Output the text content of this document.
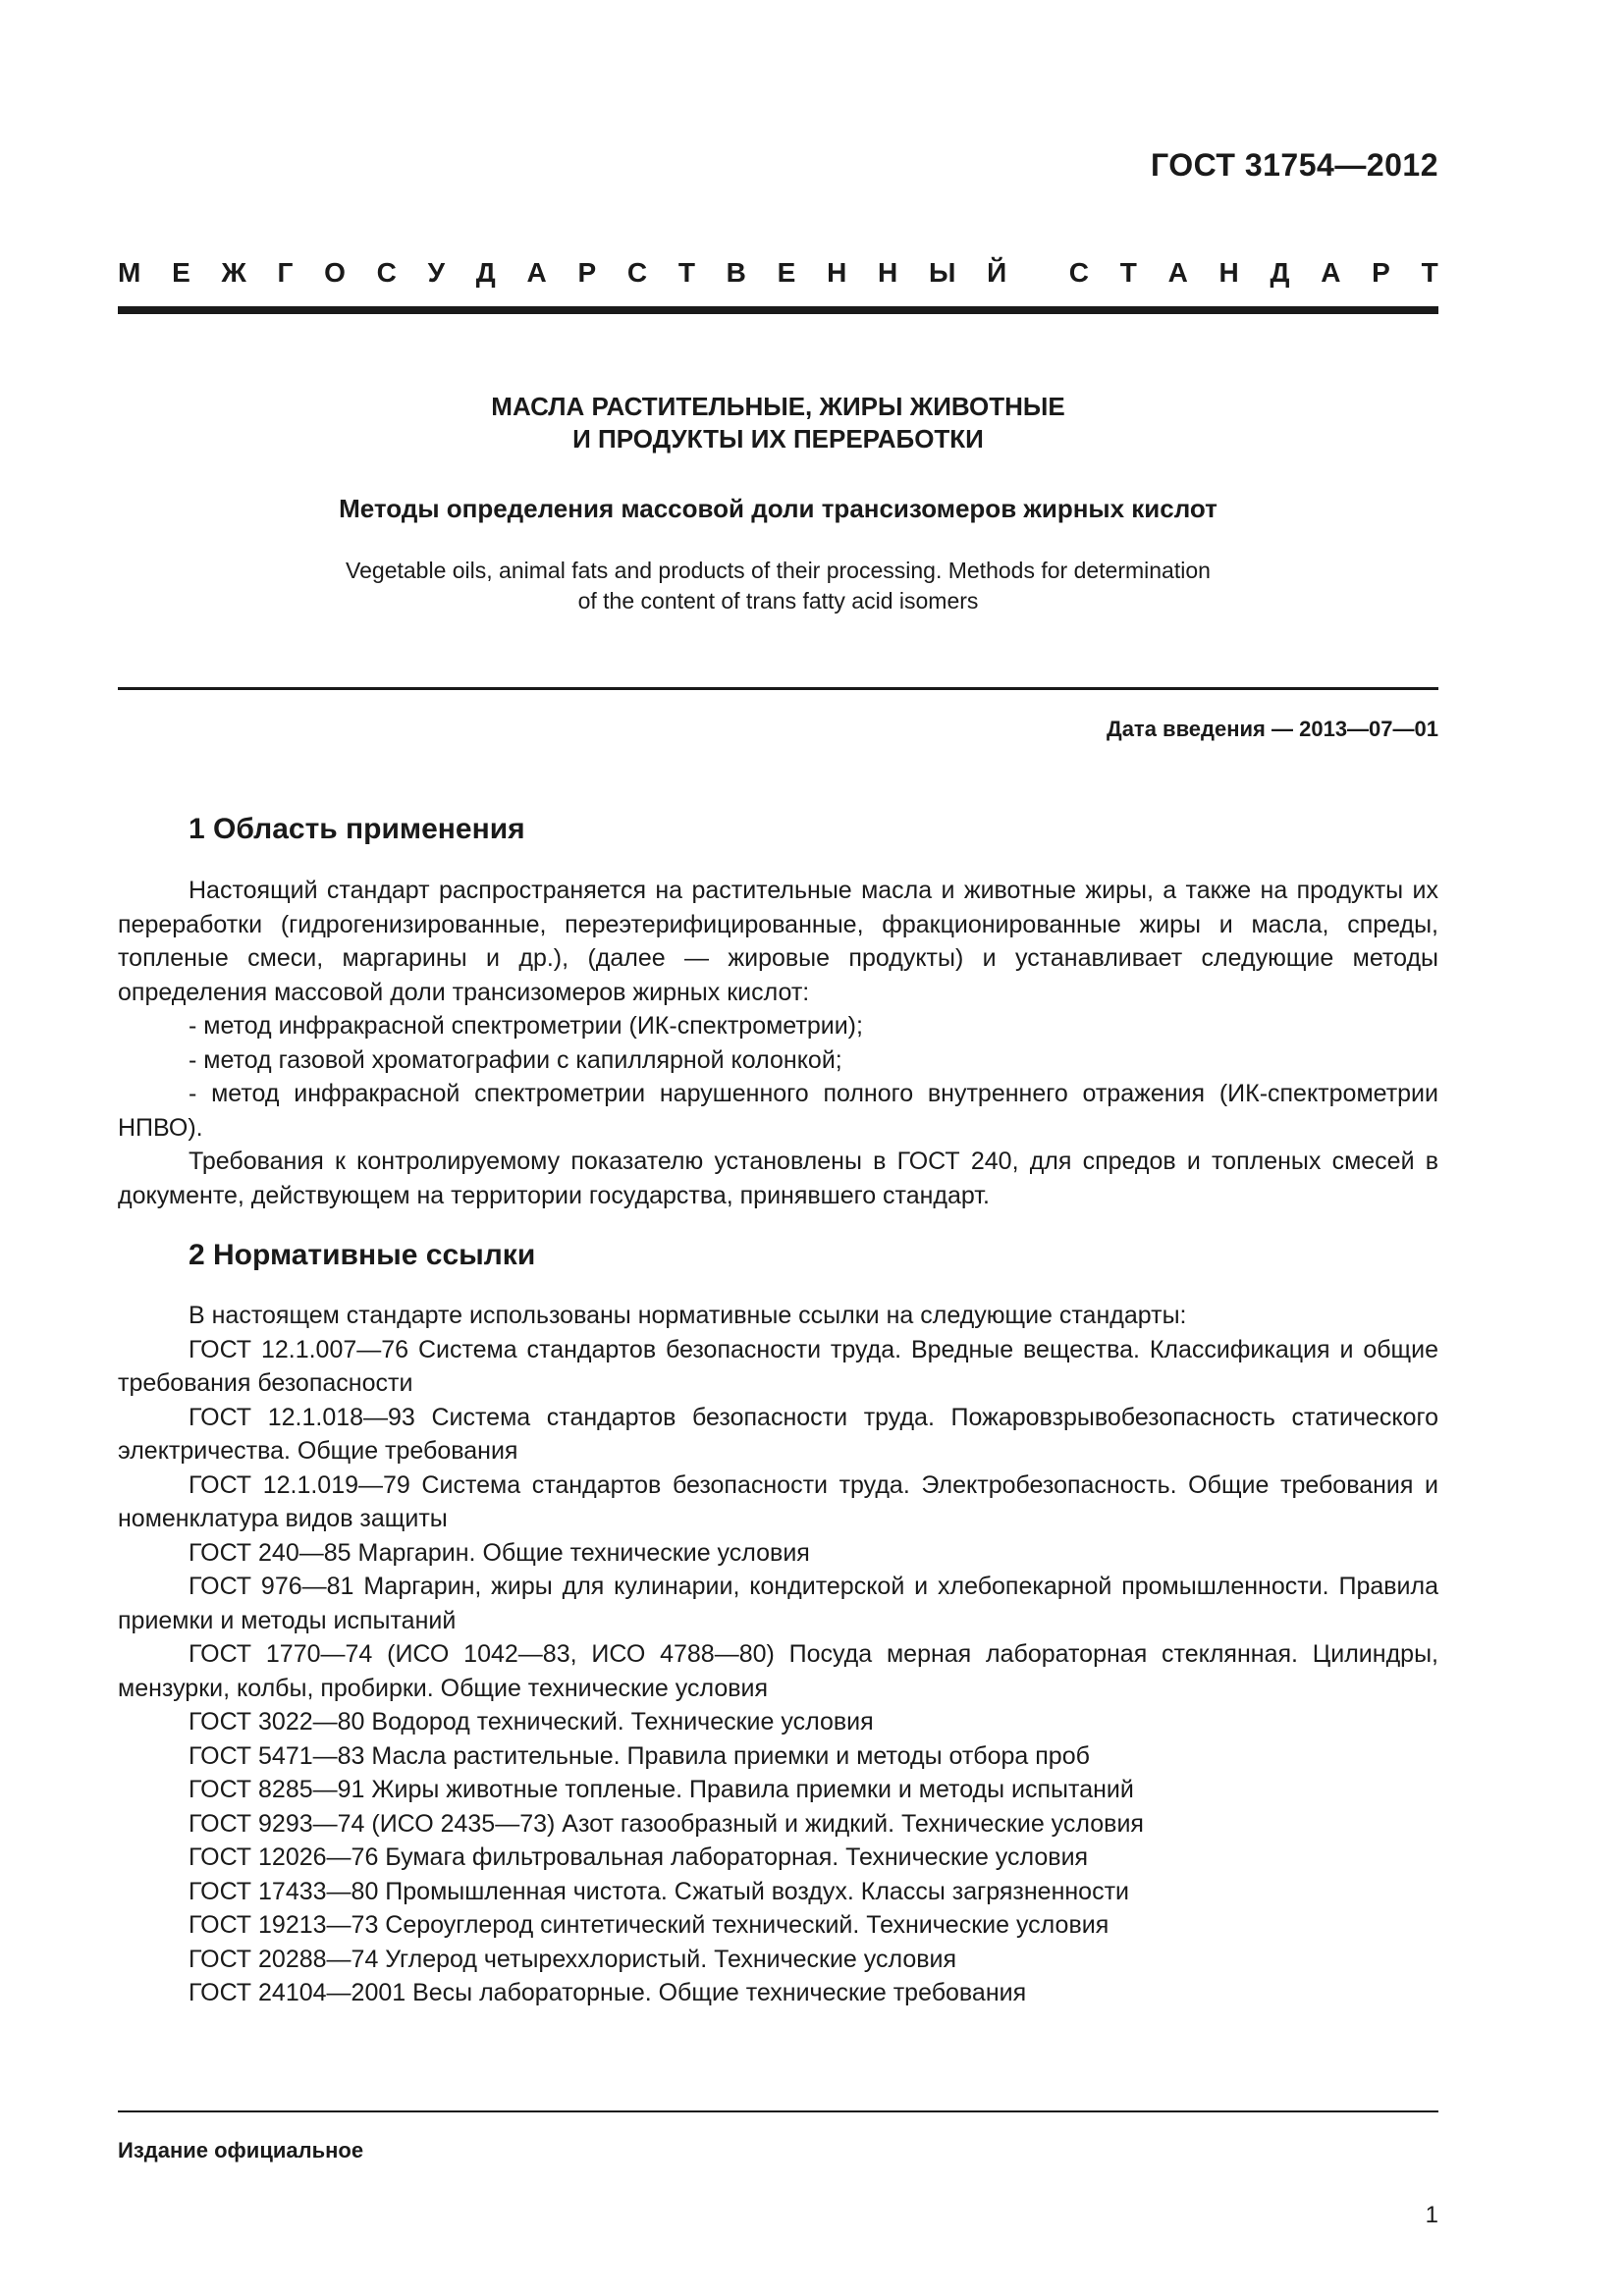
ГОСТ 31754—2012
М Е Ж Г О С У Д А Р С Т В Е Н Н Ы Й С Т А Н Д А Р Т
МАСЛА РАСТИТЕЛЬНЫЕ, ЖИРЫ ЖИВОТНЫЕ
И ПРОДУКТЫ ИХ ПЕРЕРАБОТКИ
Методы определения массовой доли трансизомеров жирных кислот
Vegetable oils, animal fats and products of their processing. Methods for determination
of the content of trans fatty acid isomers
Дата введения — 2013—07—01
1 Область применения

Настоящий стандарт распространяется на растительные масла и животные жиры, а также на продукты их переработки (гидрогенизированные, переэтерифицированные, фракционированные жиры и масла, спреды, топленые смеси, маргарины и др.), (далее — жировые продукты) и устанавливает следующие методы определения массовой доли трансизомеров жирных кислот:

- метод инфракрасной спектрометрии (ИК-спектрометрии);

- метод газовой хроматографии с капиллярной колонкой;

- метод инфракрасной спектрометрии нарушенного полного внутреннего отражения (ИК-спектрометрии НПВО).

Требования к контролируемому показателю установлены в ГОСТ 240, для спредов и топленых смесей в документе, действующем на территории государства, принявшего стандарт.

2 Нормативные ссылки

В настоящем стандарте использованы нормативные ссылки на следующие стандарты:

ГОСТ 12.1.007—76 Система стандартов безопасности труда. Вредные вещества. Классификация и общие требования безопасности

ГОСТ 12.1.018—93 Система стандартов безопасности труда. Пожаровзрывобезопасность статического электричества. Общие требования

ГОСТ 12.1.019—79 Система стандартов безопасности труда. Электробезопасность. Общие требования и номенклатура видов защиты

ГОСТ 240—85 Маргарин. Общие технические условия

ГОСТ 976—81 Маргарин, жиры для кулинарии, кондитерской и хлебопекарной промышленности. Правила приемки и методы испытаний

ГОСТ 1770—74 (ИСО 1042—83, ИСО 4788—80) Посуда мерная лабораторная стеклянная. Цилиндры, мензурки, колбы, пробирки. Общие технические условия

ГОСТ 3022—80 Водород технический. Технические условия

ГОСТ 5471—83 Масла растительные. Правила приемки и методы отбора проб

ГОСТ 8285—91 Жиры животные топленые. Правила приемки и методы испытаний

ГОСТ 9293—74 (ИСО 2435—73) Азот газообразный и жидкий. Технические условия

ГОСТ 12026—76 Бумага фильтровальная лабораторная. Технические условия

ГОСТ 17433—80 Промышленная чистота. Сжатый воздух. Классы загрязненности

ГОСТ 19213—73 Сероуглерод синтетический технический. Технические условия

ГОСТ 20288—74 Углерод четыреххлористый. Технические условия

ГОСТ 24104—2001 Весы лабораторные. Общие технические требования

Издание официальное
1
